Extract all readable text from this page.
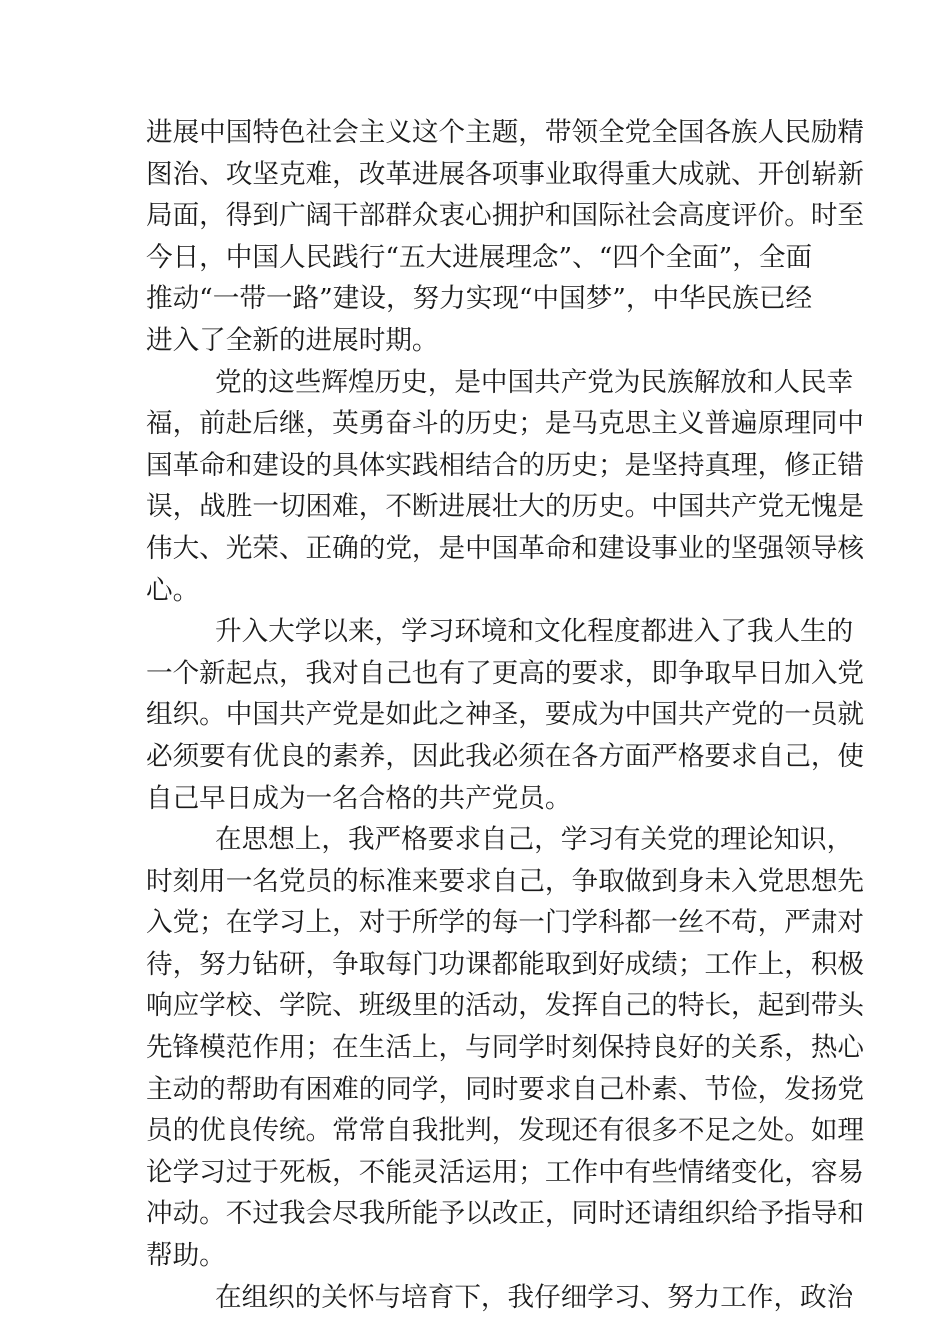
进展中国特色社会主义这个主题，带领全党全国各族人民励精
图治、攻坚克难，改革进展各项事业取得重大成就、开创崭新
局面，得到广阔干部群众衷心拥护和国际社会高度评价。时至
今日，中国人民践行“五大进展理念”、“四个全面”，全面
推动“一带一路”建设，努力实现“中国梦”，中华民族已经
进入了全新的进展时期。
党的这些辉煌历史，是中国共产党为民族解放和人民幸
福，前赴后继，英勇奋斗的历史；是马克思主义普遍原理同中
国革命和建设的具体实践相结合的历史；是坚持真理，修正错
误，战胜一切困难，不断进展壮大的历史。中国共产党无愧是
伟大、光荣、正确的党，是中国革命和建设事业的坚强领导核
心。
升入大学以来，学习环境和文化程度都进入了我人生的
一个新起点，我对自己也有了更高的要求，即争取早日加入党
组织。中国共产党是如此之神圣，要成为中国共产党的一员就
必须要有优良的素养，因此我必须在各方面严格要求自己，使
自己早日成为一名合格的共产党员。
在思想上，我严格要求自己，学习有关党的理论知识，
时刻用一名党员的标准来要求自己，争取做到身未入党思想先
入党；在学习上，对于所学的每一门学科都一丝不苟，严肃对
待，努力钻研，争取每门功课都能取到好成绩；工作上，积极
响应学校、学院、班级里的活动，发挥自己的特长，起到带头
先锋模范作用；在生活上，与同学时刻保持良好的关系，热心
主动的帮助有困难的同学，同时要求自己朴素、节俭，发扬党
员的优良传统。常常自我批判，发现还有很多不足之处。如理
论学习过于死板，不能灵活运用；工作中有些情绪变化，容易
冲动。不过我会尽我所能予以改正，同时还请组织给予指导和
帮助。
在组织的关怀与培育下，我仔细学习、努力工作，政治
